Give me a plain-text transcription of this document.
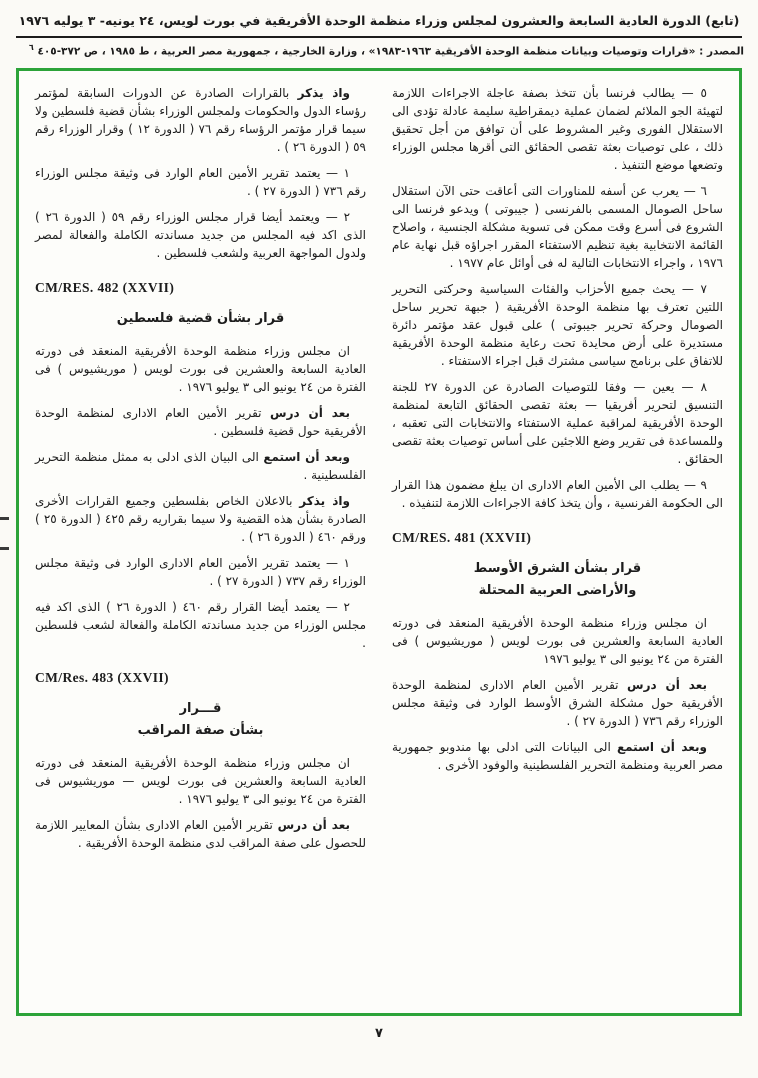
(تابع) الدورة العادية السابعة والعشرون لمجلس وزراء منظمة الوحدة الأفريقية في بورت لويس، ٢٤ يونيه- ٣ يوليه ١٩٧٦
المصدر : «قرارات وتوصيات وبيانات منظمة الوحدة الأفريقية ١٩٦٣-١٩٨٣» ، وزارة الخارجية ، جمهورية مصر العربية ، ط ١٩٨٥ ، ص ٣٧٢-٤٠٥ $^٦$

٥ — يطالب فرنسا بأن تتخذ بصفة عاجلة الاجراءات اللازمة لتهيئة الجو الملائم لضمان عملية ديمقراطية سليمة عادلة تؤدى الى الاستقلال الفورى وغير المشروط على أن توافق من أجل تحقيق ذلك ، على توصيات بعثة تقصى الحقائق التى أقرها مجلس الوزراء وتضعها موضع التنفيذ .

٦ — يعرب عن أسفه للمناورات التى أعاقت حتى الآن استقلال ساحل الصومال المسمى بالفرنسى ( جيبوتى ) ويدعو فرنسا الى الشروع فى أسرع وقت ممكن فى تسوية مشكلة الجنسية ، واصلاح القائمة الانتخابية بغية تنظيم الاستفتاء المقرر اجراؤه قبل نهاية عام ١٩٧٦ ، واجراء الانتخابات التالية له فى أوائل عام ١٩٧٧ .

٧ — يحث جميع الأحزاب والفئات السياسية وحركتى التحرير اللتين تعترف بها منظمة الوحدة الأفريقية ( جبهة تحرير ساحل الصومال وحركة تحرير جيبوتى ) على قبول عقد مؤتمر دائرة مستديرة على أرض محايدة تحت رعاية منظمة الوحدة الأفريقية للاتفاق على برنامج سياسى مشترك قبل اجراء الاستفتاء .

٨ — يعين — وفقا للتوصيات الصادرة عن الدورة ٢٧ للجنة التنسيق لتحرير أفريقيا — بعثة تقصى الحقائق التابعة لمنظمة الوحدة الأفريقية لمراقبة عملية الاستفتاء والانتخابات التى تعقبه ، وللمساعدة فى تقرير وضع اللاجئين على أساس توصيات بعثة تقصى الحقائق .

٩ — يطلب الى الأمين العام الادارى ان يبلغ مضمون هذا القرار الى الحكومة الفرنسية ، وأن يتخذ كافة الاجراءات اللازمة لتنفيذه .

CM/RES. 481 (XXVII)
قرار بشأن الشرق الأوسط
والأراضى العربية المحتلة

ان مجلس وزراء منظمة الوحدة الأفريقية المنعقد فى دورته العادية السابعة والعشرين فى بورت لويس ( موريشيوس ) فى الفترة من ٢٤ يونيو الى ٣ يوليو ١٩٧٦

بعد أن درس تقرير الأمين العام الادارى لمنظمة الوحدة الأفريقية حول مشكلة الشرق الأوسط الوارد فى وثيقة مجلس الوزراء رقم ٧٣٦ ( الدورة ٢٧ ) .

وبعد أن استمع الى البيانات التى ادلى بها مندوبو جمهورية مصر العربية ومنظمة التحرير الفلسطينية والوفود الأخرى .

واذ يذكر بالقرارات الصادرة عن الدورات السابقة لمؤتمر رؤساء الدول والحكومات ولمجلس الوزراء بشأن قضية فلسطين ولا سيما قرار مؤتمر الرؤساء رقم ٧٦ ( الدورة ١٢ ) وقرار الوزراء رقم ٥٩ ( الدورة ٢٦ ) .

١ — يعتمد تقرير الأمين العام الوارد فى وثيقة مجلس الوزراء رقم ٧٣٦ ( الدورة ٢٧ ) .

٢ — ويعتمد أيضا قرار مجلس الوزراء رقم ٥٩ ( الدورة ٢٦ ) الذى اكد فيه المجلس من جديد مساندته الكاملة والفعالة لمصر ولدول المواجهة العربية ولشعب فلسطين .

CM/RES. 482 (XXVII)
قرار بشأن قضية فلسطين

ان مجلس وزراء منظمة الوحدة الأفريقية المنعقد فى دورته العادية السابعة والعشرين فى بورت لويس ( موريشيوس ) فى الفترة من ٢٤ يونيو الى ٣ يوليو ١٩٧٦ .

بعد أن درس تقرير الأمين العام الادارى لمنظمة الوحدة الأفريقية حول قضية فلسطين .

وبعد أن استمع الى البيان الذى ادلى به ممثل منظمة التحرير الفلسطينية .

واذ يذكر بالاعلان الخاص بفلسطين وجميع القرارات الأخرى الصادرة بشأن هذه القضية ولا سيما بقراريه رقم ٤٢٥ ( الدورة ٢٥ ) ورقم ٤٦٠ ( الدورة ٢٦ ) .

١ — يعتمد تقرير الأمين العام الادارى الوارد فى وثيقة مجلس الوزراء رقم ٧٣٧ ( الدورة ٢٧ ) .

٢ — يعتمد أيضا القرار رقم ٤٦٠ ( الدورة ٢٦ ) الذى اكد فيه مجلس الوزراء من جديد مساندته الكاملة والفعالة لشعب فلسطين .

CM/Res. 483 (XXVII)
قـــرار
بشأن صفة المراقب

ان مجلس وزراء منظمة الوحدة الأفريقية المنعقد فى دورته العادية السابعة والعشرين فى بورت لويس — موريشيوس فى الفترة من ٢٤ يونيو الى ٣ يوليو ١٩٧٦ .

بعد أن درس تقرير الأمين العام الادارى بشأن المعايير اللازمة للحصول على صفة المراقب لدى منظمة الوحدة الأفريقية .

٧
